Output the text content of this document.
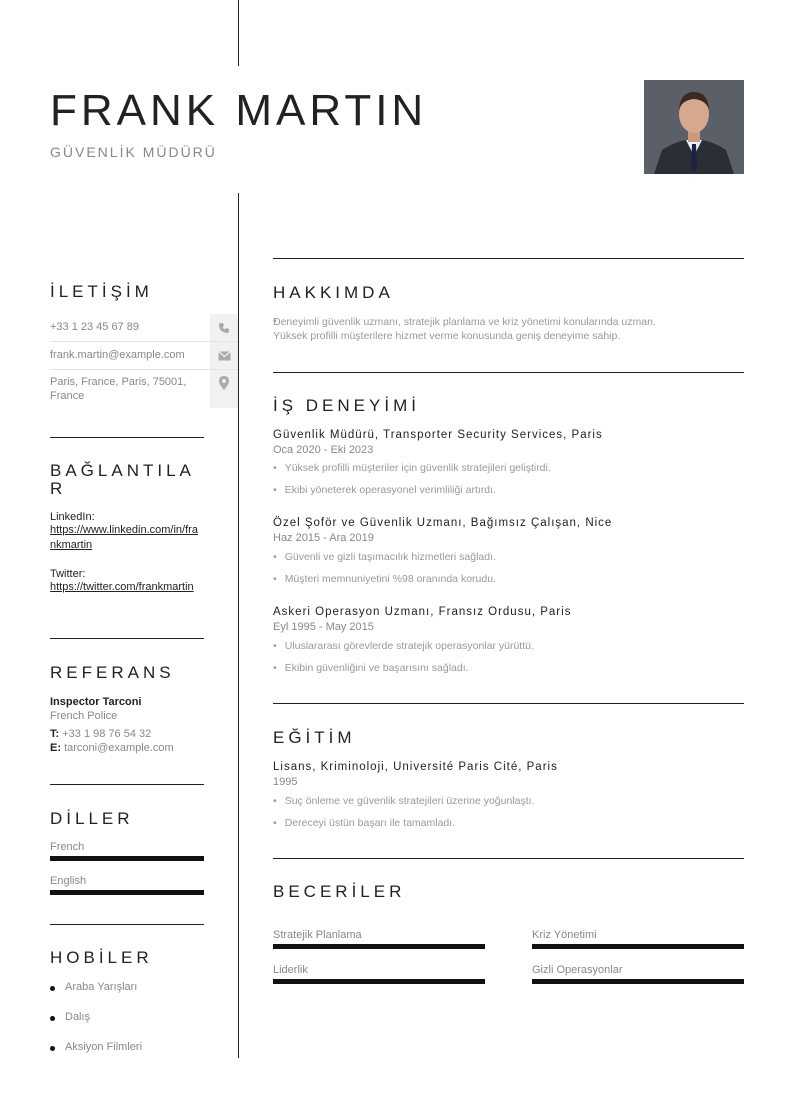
FRANK MARTIN
GÜVENLİK MÜDÜRÜ
İLETİŞİM
+33 1 23 45 67 89
frank.martin@example.com
Paris, France, Paris, 75001, France
BAĞLANTILAR
LinkedIn:
https://www.linkedin.com/in/frankmartin
Twitter:
https://twitter.com/frankmartin
REFERANS
Inspector Tarconi
French Police
T: +33 1 98 76 54 32
E: tarconi@example.com
DİLLER
French
English
HOBİLER
Araba Yarışları
Dalış
Aksiyon Filmleri
HAKKIMDA
•
Deneyimli güvenlik uzmanı, stratejik planlama ve kriz yönetimi konularında uzman.
Yüksek profilli müşterilere hizmet verme konusunda geniş deneyime sahip.
İŞ DENEYİMİ
Güvenlik Müdürü, Transporter Security Services, Paris
Oca 2020 - Eki 2023
• Yüksek profilli müşteriler için güvenlik stratejileri geliştirdi.
• Ekibi yöneterek operasyonel verimliliği artırdı.
Özel Şoför ve Güvenlik Uzmanı, Bağımsız Çalışan, Nice
Haz 2015 - Ara 2019
• Güvenli ve gizli taşımacılık hizmetleri sağladı.
• Müşteri memnuniyetini %98 oranında korudu.
Askeri Operasyon Uzmanı, Fransız Ordusu, Paris
Eyl 1995 - May 2015
• Uluslararası görevlerde stratejik operasyonlar yürüttü.
• Ekibin güvenliğini ve başarısını sağladı.
EĞİTİM
Lisans, Kriminoloji, Université Paris Cité, Paris
1995
• Suç önleme ve güvenlik stratejileri üzerine yoğunlaştı.
• Dereceyi üstün başarı ile tamamladı.
BECERİLER
Stratejik Planlama	Kriz Yönetimi
Liderlik	Gizli Operasyonlar
